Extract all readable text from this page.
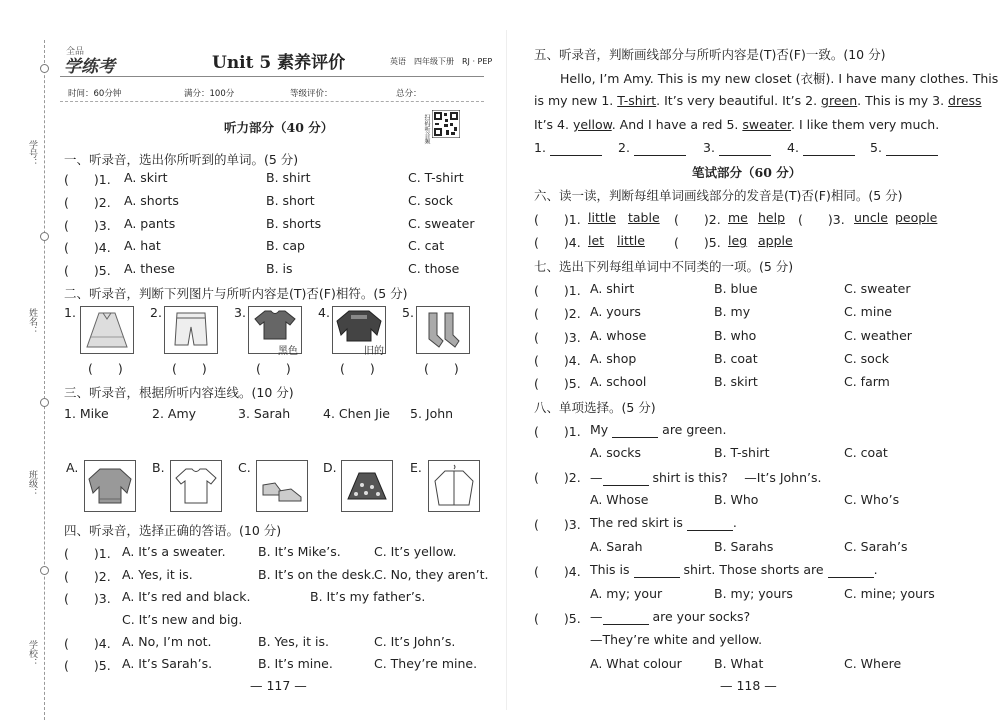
学号：
姓名：
班级：
学校：
全品
学练考	Unit 5 素养评价	英语　四年级下册　RJ · PEP
时间：60分钟	满分：100分	等级评价：	总分：
扫码听音频
听力部分（40 分）
一、听录音，选出你所听到的单词。(5 分)
(　　)1. A. skirt	B. shirt	C. T-shirt
(　　)2. A. shorts	B. short	C. sock
(　　)3. A. pants	B. shorts	C. sweater
(　　)4. A. hat	B. cap	C. cat
(　　)5. A. these	B. is	C. those
二、听录音，判断下列图片与所听内容是(T)否(F)相符。(5 分)
1.	2.	3.	4.	5.
黑色	旧的
(　　)	(　　)	(　　)	(　　)	(　　)
三、听录音，根据所听内容连线。(10 分)
1. Mike	2. Amy	3. Sarah	4. Chen Jie 5. John
A.	B.	C.	D.	E.
四、听录音，选择正确的答语。(10 分)
(　　)1. A. It’s a sweater.	B. It’s Mike’s.	C. It’s yellow.
(　　)2. A. Yes, it is.	B. It’s on the desk. C. No, they aren’t.
(　　)3. A. It’s red and black.	B. It’s my father’s.
C. It’s new and big.
(　　)4. A. No, I’m not.	B. Yes, it is.	C. It’s John’s.
(　　)5. A. It’s Sarah’s.	B. It’s mine.	C. They’re mine.
— 117 —
五、听录音，判断画线部分与所听内容是(T)否(F)一致。(10 分)
Hello, I’m Amy. This is my new closet (衣橱). I have many clothes. This
is my new 1. T-shirt. It’s very beautiful. It’s 2. green. This is my 3. dress
It’s 4. yellow. And I have a red 5. sweater. I like them very much.
1.	2.	3.	4.	5.
笔试部分（60 分）
六、读一读，判断每组单词画线部分的发音是(T)否(F)相同。(5 分)
(　　)1. little table (　　)2. me help (　　)3. uncle people
(　　)4. let little (　　)5. leg apple
七、选出下列每组单词中不同类的一项。(5 分)
(　　)1. A. shirt	B. blue	C. sweater
(　　)2. A. yours	B. my	C. mine
(　　)3. A. whose	B. who	C. weather
(　　)4. A. shop	B. coat	C. sock
(　　)5. A. school	B. skirt	C. farm
八、单项选择。(5 分)
(　　)1. My	are green.
A. socks	B. T-shirt	C. coat
(　　)2. —	shirt is this?　 —It’s John’s.
A. Whose	B. Who	C. Who’s
(　　)3. The red skirt is	.
A. Sarah	B. Sarahs	C. Sarah’s
(　　)4. This is	shirt. Those shorts are	.
A. my; your	B. my; yours	C. mine; yours
(　　)5. —	are your socks?
—They’re white and yellow.
A. What colour	B. What	C. Where
— 118 —
